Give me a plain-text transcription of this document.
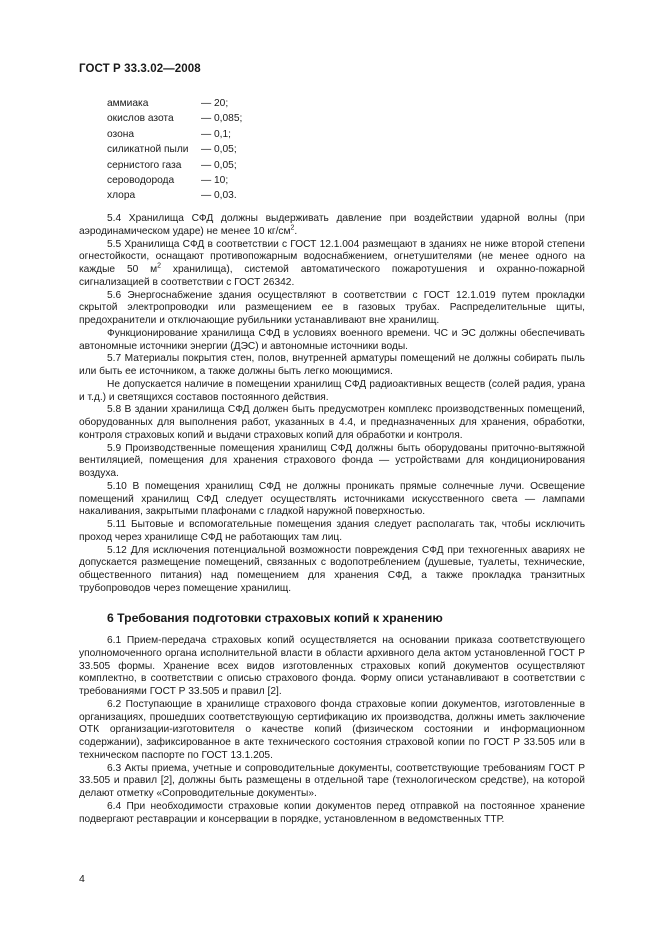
ГОСТ Р 33.3.02—2008
аммиака	— 20;
окислов азота	— 0,085;
озона	— 0,1;
силикатной пыли	— 0,05;
сернистого газа	— 0,05;
сероводорода	— 10;
хлора	— 0,03.

5.4 Хранилища СФД должны выдерживать давление при воздействии ударной волны (при аэродинамическом ударе) не менее 10 $кг/см^2$.

5.5 Хранилища СФД в соответствии с ГОСТ 12.1.004 размещают в зданиях не ниже второй степени огнестойкости, оснащают противопожарным водоснабжением, огнетушителями (не менее одного на каждые 50 $м^2$ хранилища), системой автоматического пожаротушения и охранно-пожарной сигнализацией в соответствии с ГОСТ 26342.

5.6 Энергоснабжение здания осуществляют в соответствии с ГОСТ 12.1.019 путем прокладки скрытой электропроводки или размещением ее в газовых трубах. Распределительные щиты, предохранители и отключающие рубильники устанавливают вне хранилищ.

Функционирование хранилища СФД в условиях военного времени. ЧС и ЭС должны обеспечивать автономные источники энергии (ДЭС) и автономные источники воды.

5.7 Материалы покрытия стен, полов, внутренней арматуры помещений не должны собирать пыль или быть ее источником, а также должны быть легко моющимися.

Не допускается наличие в помещении хранилищ СФД радиоактивных веществ (солей радия, урана и т.д.) и светящихся составов постоянного действия.

5.8 В здании хранилища СФД должен быть предусмотрен комплекс производственных помещений, оборудованных для выполнения работ, указанных в 4.4, и предназначенных для хранения, обработки, контроля страховых копий и выдачи страховых копий для обработки и контроля.

5.9 Производственные помещения хранилищ СФД должны быть оборудованы приточно-вытяжной вентиляцией, помещения для хранения страхового фонда — устройствами для кондиционирования воздуха.

5.10 В помещения хранилищ СФД не должны проникать прямые солнечные лучи. Освещение помещений хранилищ СФД следует осуществлять источниками искусственного света — лампами накаливания, закрытыми плафонами с гладкой наружной поверхностью.

5.11 Бытовые и вспомогательные помещения здания следует располагать так, чтобы исключить проход через хранилище СФД не работающих там лиц.

5.12 Для исключения потенциальной возможности повреждения СФД при техногенных авариях не допускается размещение помещений, связанных с водопотреблением (душевые, туалеты, технические, общественного питания) над помещением для хранения СФД, а также прокладка транзитных трубопроводов через помещение хранилищ.

6 Требования подготовки страховых копий к хранению

6.1 Прием-передача страховых копий осуществляется на основании приказа соответствующего уполномоченного органа исполнительной власти в области архивного дела актом установленной ГОСТ Р 33.505 формы. Хранение всех видов изготовленных страховых копий документов осуществляют комплектно, в соответствии с описью страхового фонда. Форму описи устанавливают в соответствии с требованиями ГОСТ Р 33.505 и правил [2].

6.2 Поступающие в хранилище страхового фонда страховые копии документов, изготовленные в организациях, прошедших соответствующую сертификацию их производства, должны иметь заключение ОТК организации-изготовителя о качестве копий (физическом состоянии и информационном содержании), зафиксированное в акте технического состояния страховой копии по ГОСТ Р 33.505 или в техническом паспорте по ГОСТ 13.1.205.

6.3 Акты приема, учетные и сопроводительные документы, соответствующие требованиям ГОСТ Р 33.505 и правил [2], должны быть размещены в отдельной таре (технологическом средстве), на которой делают отметку «Сопроводительные документы».

6.4 При необходимости страховые копии документов перед отправкой на постоянное хранение подвергают реставрации и консервации в порядке, установленном в ведомственных ТТР.

4
